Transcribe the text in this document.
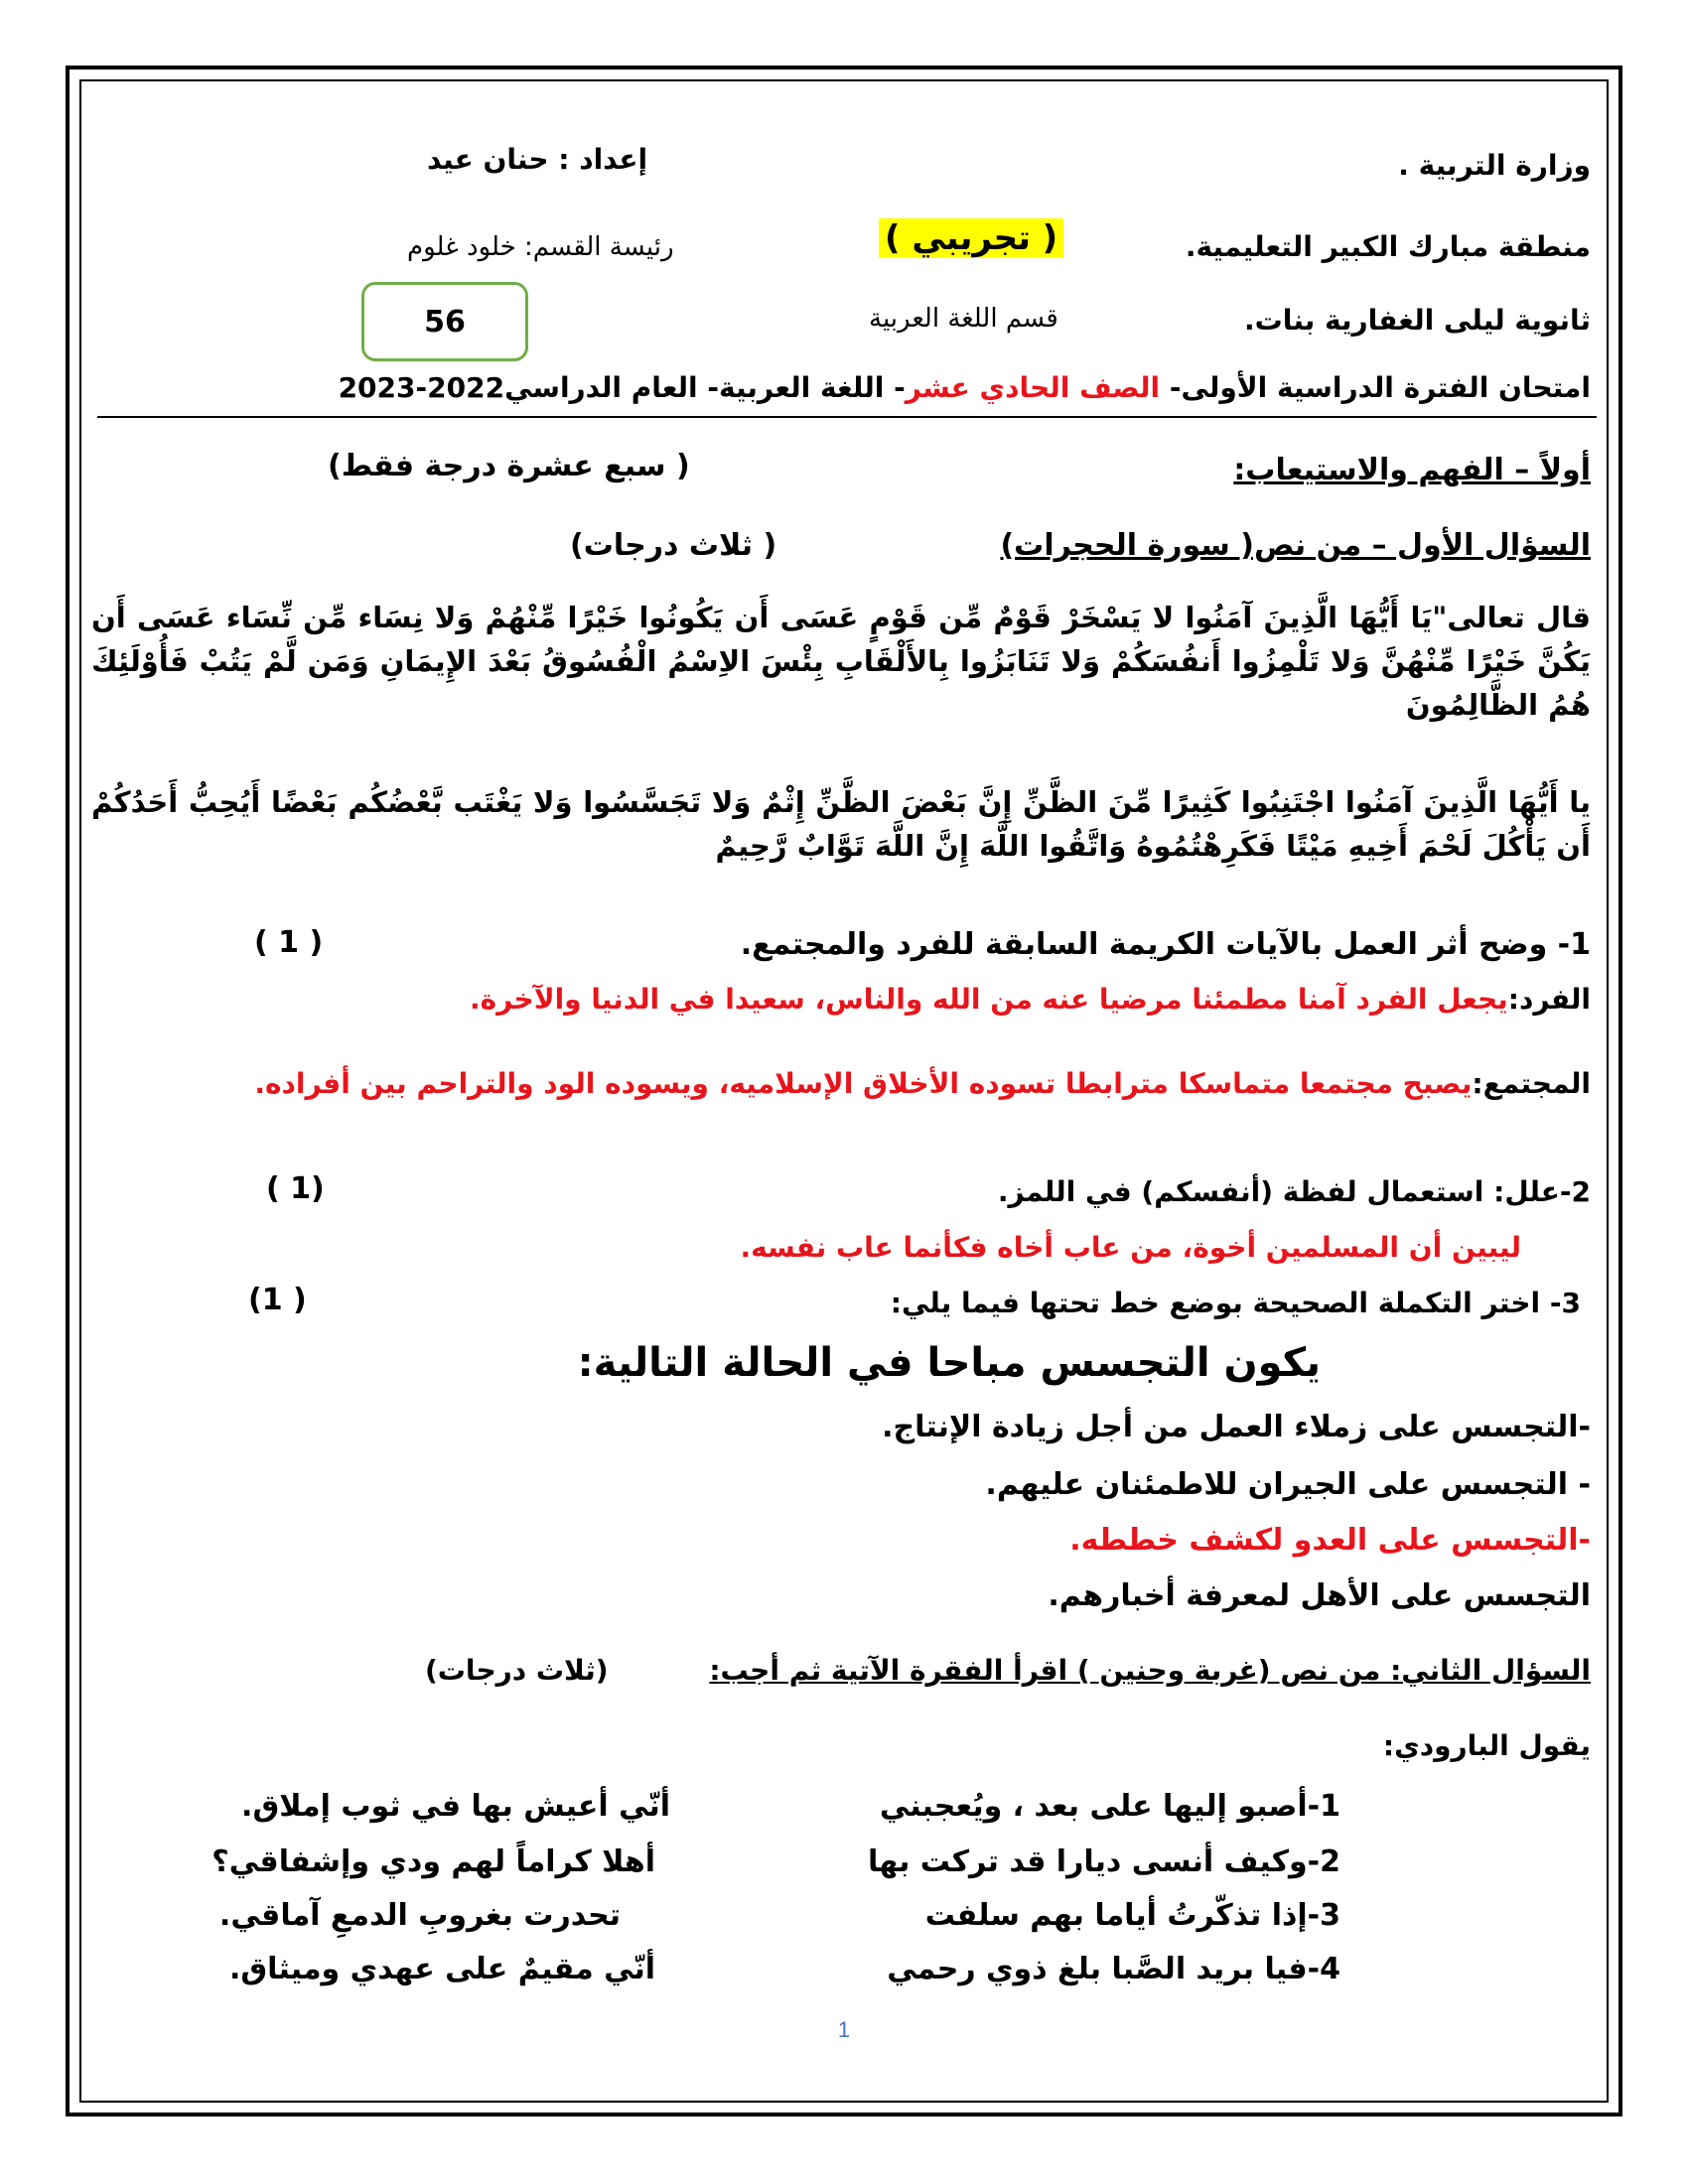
وزارة التربية .
إعداد : حنان عيد
منطقة مبارك الكبير التعليمية.
( تجريبي )
رئيسة القسم: خلود غلوم
ثانوية ليلى الغفارية بنات.
قسم اللغة العربية
56
امتحان الفترة الدراسية الأولى- الصف الحادي عشر- اللغة العربية- العام الدراسي2022-2023
أولاً – الفهم والاستيعاب:
( سبع عشرة درجة فقط)
السؤال الأول – من نص( سورة الحجرات)
( ثلاث درجات)
قال تعالى"يَا أَيُّهَا الَّذِينَ آمَنُوا لا يَسْخَرْ قَوْمٌ مِّن قَوْمٍ عَسَى أَن يَكُونُوا خَيْرًا مِّنْهُمْ وَلا نِسَاء مِّن نِّسَاء عَسَى أَن يَكُنَّ خَيْرًا مِّنْهُنَّ وَلا تَلْمِزُوا أَنفُسَكُمْ وَلا تَنَابَزُوا بِالأَلْقَابِ بِئْسَ الاِسْمُ الْفُسُوقُ بَعْدَ الإِيمَانِ وَمَن لَّمْ يَتُبْ فَأُوْلَئِكَ هُمُ الظَّالِمُونَ
يا أَيُّهَا الَّذِينَ آمَنُوا اجْتَنِبُوا كَثِيرًا مِّنَ الظَّنِّ إِنَّ بَعْضَ الظَّنِّ إِثْمٌ وَلا تَجَسَّسُوا وَلا يَغْتَب بَّعْضُكُم بَعْضًا أَيُحِبُّ أَحَدُكُمْ أَن يَأْكُلَ لَحْمَ أَخِيهِ مَيْتًا فَكَرِهْتُمُوهُ وَاتَّقُوا اللَّهَ إِنَّ اللَّهَ تَوَّابٌ رَّحِيمٌ
1- وضح أثر العمل بالآيات الكريمة السابقة للفرد والمجتمع.
( 1 )
الفرد:يجعل الفرد آمنا مطمئنا مرضيا عنه من الله والناس، سعيدا في الدنيا والآخرة.
المجتمع:يصبح مجتمعا متماسكا مترابطا تسوده الأخلاق الإسلاميه، ويسوده الود والتراحم بين أفراده.
2-علل: استعمال لفظة (أنفسكم) في اللمز.
(1 )
ليبين أن المسلمين أخوة، من عاب أخاه فكأنما عاب نفسه.
3- اختر التكملة الصحيحة بوضع خط تحتها فيما يلي:
( 1)
يكون التجسس مباحا في الحالة التالية:
-التجسس على زملاء العمل من أجل زيادة الإنتاج.
- التجسس على الجيران للاطمئنان عليهم.
-التجسس على العدو لكشف خططه.
التجسس على الأهل لمعرفة أخبارهم.
السؤال الثاني: من نص (غربة وحنين ) اقرأ الفقرة الآتية ثم أجب:
(ثلاث درجات)
يقول البارودي:
1-أصبو إليها على بعد ، ويُعجبني
أنّي أعيش بها في ثوب إملاق.
2-وكيف أنسى ديارا قد تركت بها
أهلا كراماً لهم ودي وإشفاقي؟
3-إذا تذكّرتُ أياما بهم سلفت
تحدرت بغروبِ الدمعِ آماقي.
4-فيا بريد الصَّبا بلغ ذوي رحمي
أنّي مقيمٌ على عهدي وميثاق.
1
